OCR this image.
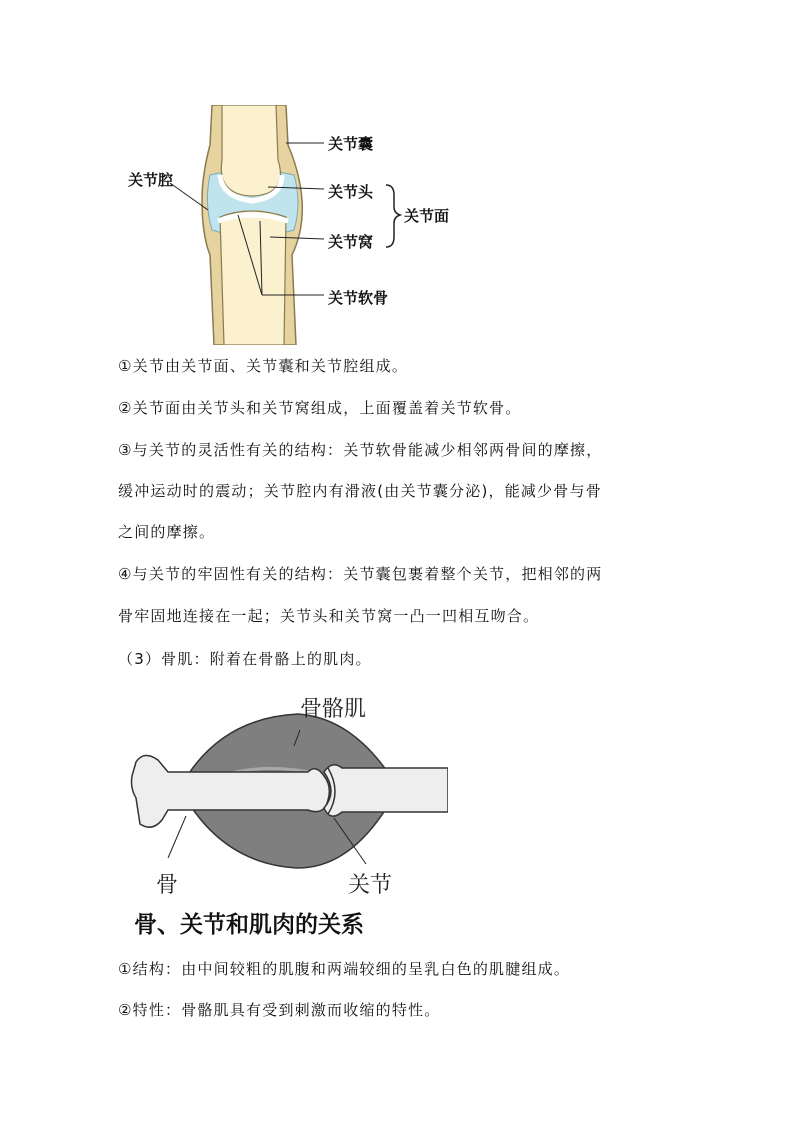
关节囊
关节腔
关节头
关节面
关节窝
关节软骨
①关节由关节面、关节囊和关节腔组成。
②关节面由关节头和关节窝组成，上面覆盖着关节软骨。
③与关节的灵活性有关的结构：关节软骨能减少相邻两骨间的摩擦，
缓冲运动时的震动；关节腔内有滑液(由关节囊分泌)，能减少骨与骨
之间的摩擦。
④与关节的牢固性有关的结构：关节囊包裹着整个关节，把相邻的两
骨牢固地连接在一起；关节头和关节窝一凸一凹相互吻合。
（3）骨肌：附着在骨骼上的肌肉。
骨骼肌
骨	关节
骨、关节和肌肉的关系
①结构：由中间较粗的肌腹和两端较细的呈乳白色的肌腱组成。
②特性：骨骼肌具有受到刺激而收缩的特性。
